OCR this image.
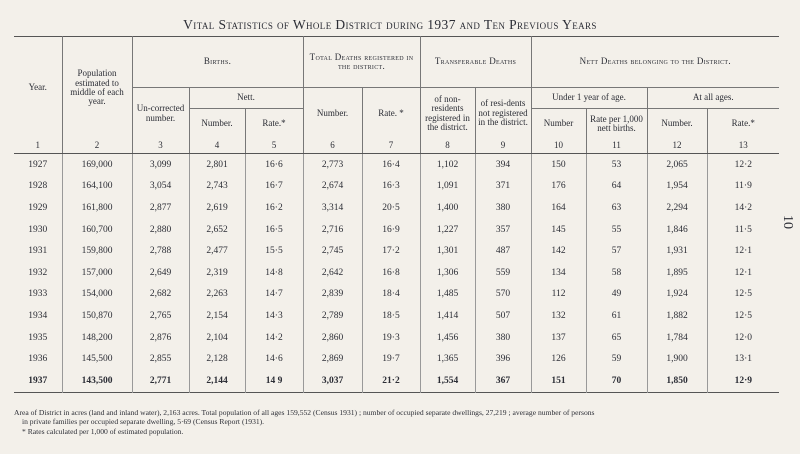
Vital Statistics of Whole District during 1937 and Ten Previous Years
10
Year.	Population estimated to middle of each year.	Births.			Total Deaths registered in the district.		Transferable Deaths		Nett Deaths belonging to the District.			
		Un-corrected number.	Nett.		Number.	Rate. *	of non-residents registered in the district.	of resi-dents not registered in the district.	Under 1 year of age.		At all ages.	
			Number.	Rate.*					Number	Rate per 1,000 nett births.	Number.	Rate.*
1	2	3	4	5	6	7	8	9	10	11	12	13
1927	169,000	3,099	2,801	16·6	2,773	16·4	1,102	394	150	53	2,065	12·2
1928	164,100	3,054	2,743	16·7	2,674	16·3	1,091	371	176	64	1,954	11·9
1929	161,800	2,877	2,619	16·2	3,314	20·5	1,400	380	164	63	2,294	14·2
1930	160,700	2,880	2,652	16·5	2,716	16·9	1,227	357	145	55	1,846	11·5
1931	159,800	2,788	2,477	15·5	2,745	17·2	1,301	487	142	57	1,931	12·1
1932	157,000	2,649	2,319	14·8	2,642	16·8	1,306	559	134	58	1,895	12·1
1933	154,000	2,682	2,263	14·7	2,839	18·4	1,485	570	112	49	1,924	12·5
1934	150,870	2,765	2,154	14·3	2,789	18·5	1,414	507	132	61	1,882	12·5
1935	148,200	2,876	2,104	14·2	2,860	19·3	1,456	380	137	65	1,784	12·0
1936	145,500	2,855	2,128	14·6	2,869	19·7	1,365	396	126	59	1,900	13·1
1937	143,500	2,771	2,144	14 9	3,037	21·2	1,554	367	151	70	1,850	12·9
Area of District in acres (land and inland water), 2,163 acres. Total population of all ages 159,552 (Census 1931) ; number of occupied separate dwellings, 27,219 ; average number of persons
in private families per occupied separate dwelling, 5·69 (Census Report (1931).
* Rates calculated per 1,000 of estimated population.
